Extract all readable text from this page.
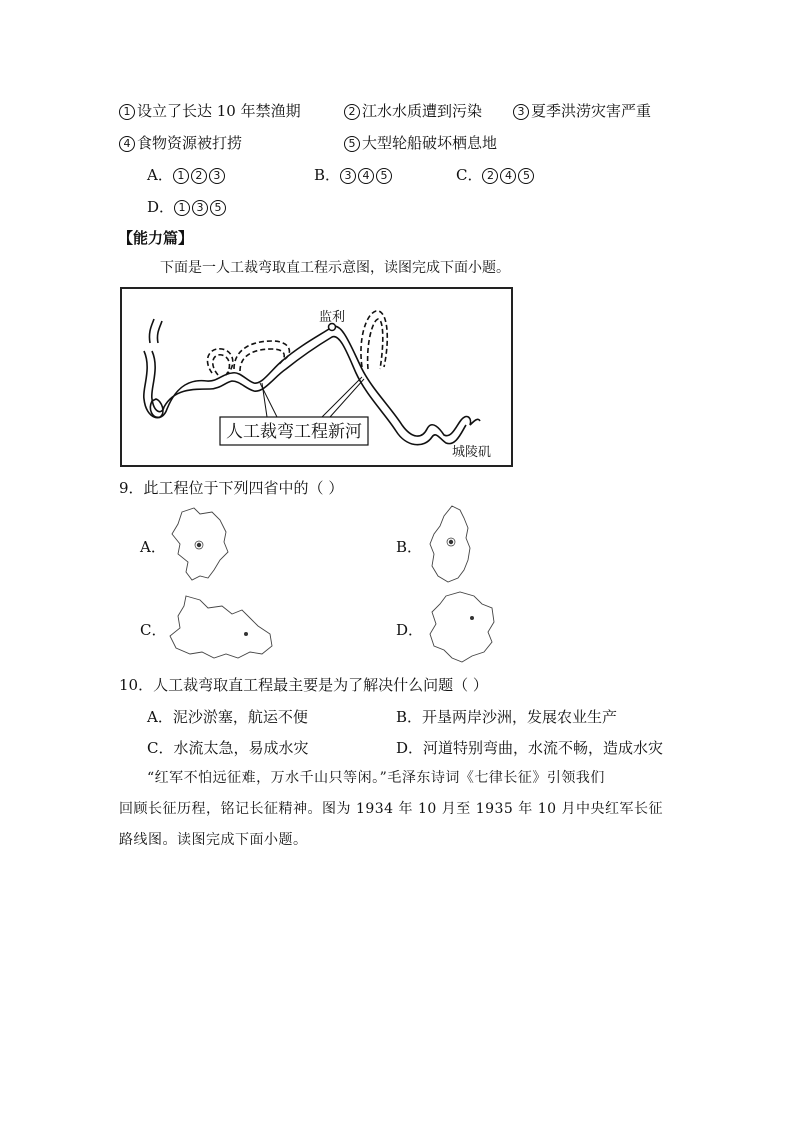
1 设立了长达 10 年禁渔期	2 江水水质遭到污染	3 夏季洪涝灾害严重
4 食物资源被打捞	5 大型轮船破坏栖息地
A． 1 2 3	B． 3 4 5	C． 2 4 5
D． 1 3 5
【能力篇】
下面是一人工裁弯取直工程示意图，读图完成下面小题。
人工裁弯工程新河
监利
城陵矶
9．此工程位于下列四省中的（ ）
A．	B．
C．	D．
10．人工裁弯取直工程最主要是为了解决什么问题（ ）
A．泥沙淤塞，航运不便	B．开垦两岸沙洲，发展农业生产
C．水流太急，易成水灾	D．河道特别弯曲，水流不畅，造成水灾
“红军不怕远征难，万水千山只等闲。”毛泽东诗词《七律长征》引领我们
回顾长征历程，铭记长征精神。图为 1934 年 10 月至 1935 年 10 月中央红军长征
路线图。读图完成下面小题。
